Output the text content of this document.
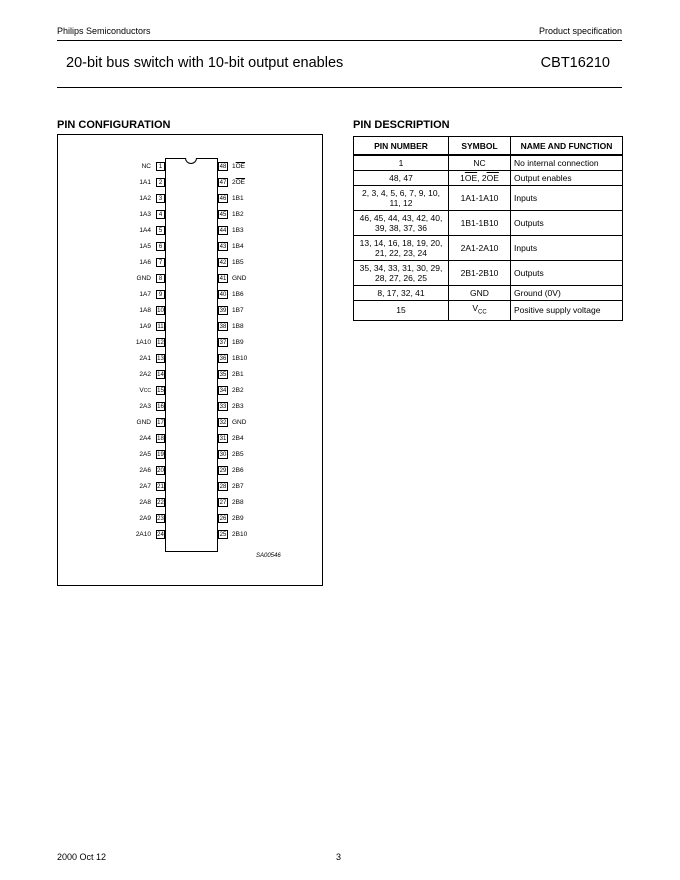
Philips Semiconductors	Product specification
20-bit bus switch with 10-bit output enables	CBT16210
PIN CONFIGURATION	PIN DESCRIPTION
NC	1	48 $1\overline{OE}$
1A1	2	47 $2\overline{OE}$
1A2	3	46 1B1
1A3	4	45 1B2
1A4	5	44 1B3
1A5	6	43 1B4
1A6	7	42 1B5
GND	8	41 GND
1A7	9	40 1B6
1A8 10	39 1B7
1A9 11	38 1B8
1A10 12	37 1B9
2A1 13	36 1B10
2A2 14	35 2B1
VCC 15	34 2B2
2A3 16	33 2B3
GND 17	32 GND
2A4 18	31 2B4
2A5 19	30 2B5
2A6 20	29 2B6
2A7 21	28 2B7
2A8 22	27 2B8
2A9 23	26 2B9
2A10 24	25 2B10
SA00546
PIN NUMBER	SYMBOL	NAME AND FUNCTION
1	NC	No internal connection
48, 47	$1\overline{OE}$, $2\overline{OE}$	Output enables
2, 3, 4, 5, 6, 7, 9, 10, 11, 12	1A1-1A10	Inputs
46, 45, 44, 43, 42, 40, 39, 38, 37, 36	1B1-1B10	Outputs
13, 14, 16, 18, 19, 20, 21, 22, 23, 24	2A1-2A10	Inputs
35, 34, 33, 31, 30, 29, 28, 27, 26, 25	2B1-2B10	Outputs
8, 17, 32, 41	GND	Ground (0V)
15	$V_{CC}$	Positive supply voltage
2000 Oct 12	3
